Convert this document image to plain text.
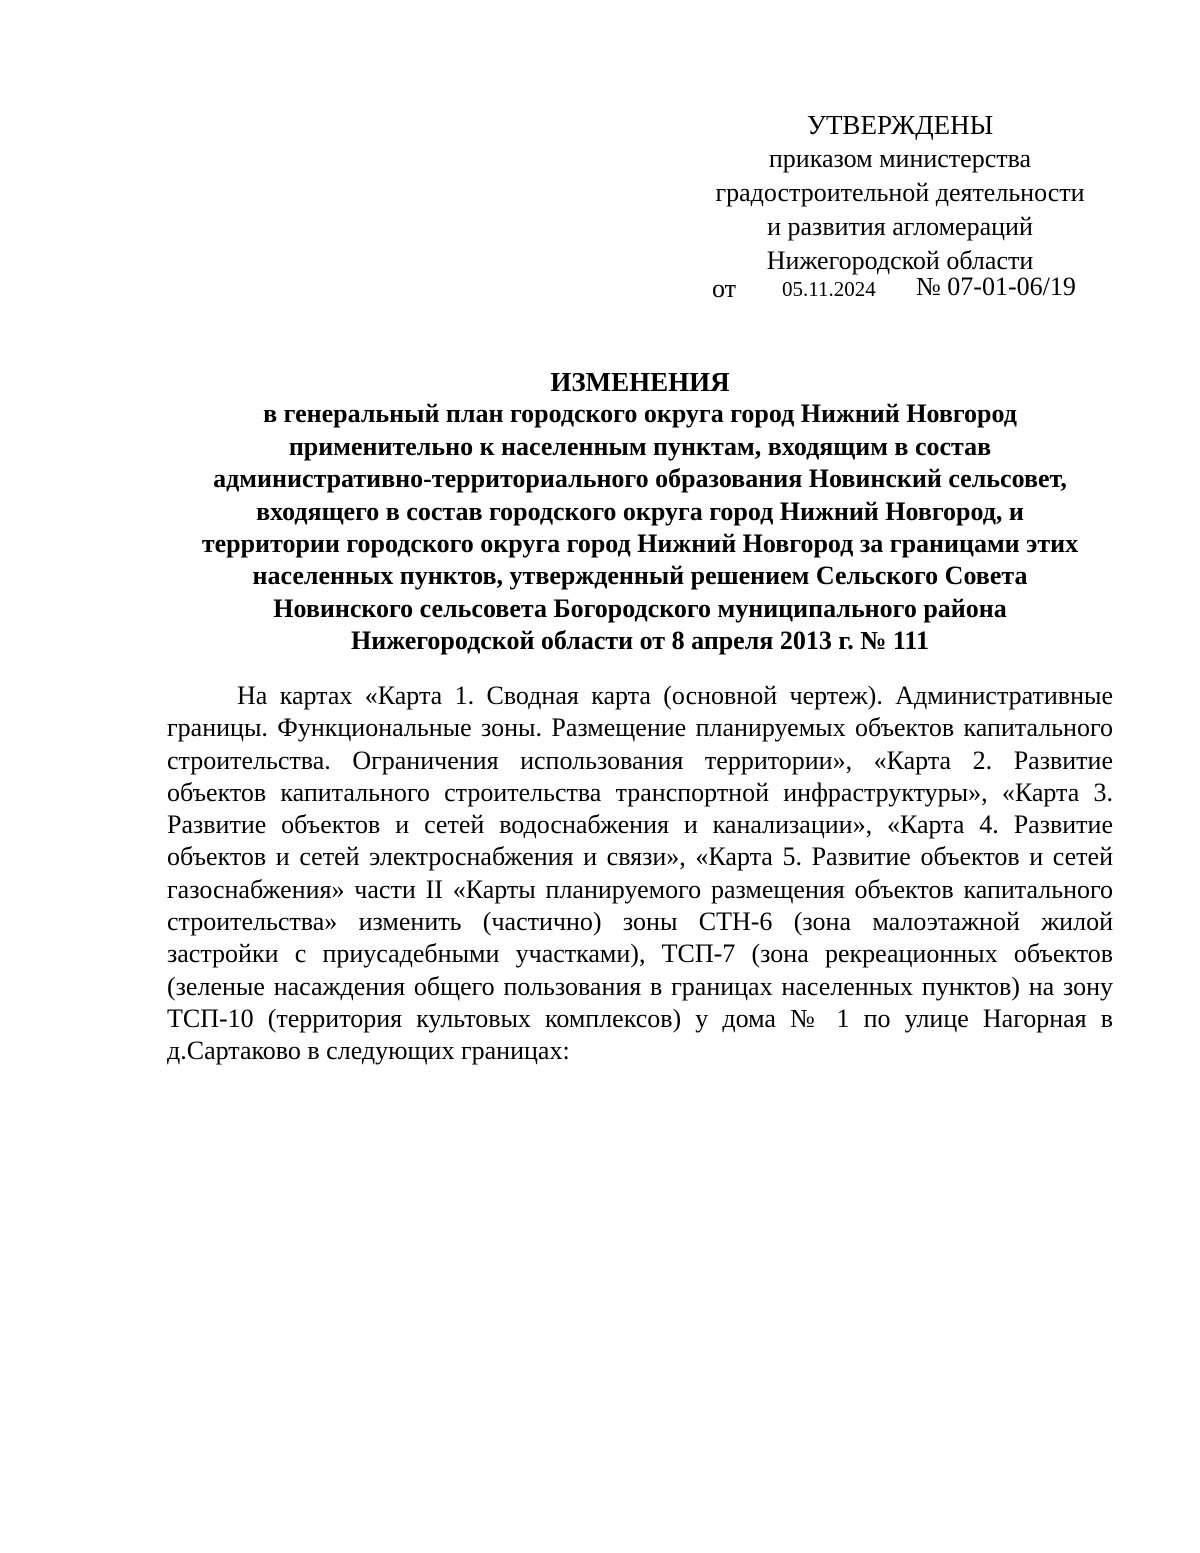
УТВЕРЖДЕНЫ
приказом министерства
градостроительной деятельности
и развития агломераций
Нижегородской области
от 05.11.2024 № 07-01-06/19
ИЗМЕНЕНИЯ
в генеральный план городского округа город Нижний Новгород
применительно к населенным пунктам, входящим в состав
административно-территориального образования Новинский сельсовет,
входящего в состав городского округа город Нижний Новгород, и
территории городского округа город Нижний Новгород за границами этих
населенных пунктов, утвержденный решением Сельского Совета
Новинского сельсовета Богородского муниципального района
Нижегородской области от 8 апреля 2013 г. № 111

На картах «Карта 1. Сводная карта (основной чертеж). Административные границы. Функциональные зоны. Размещение планируемых объектов капитального строительства. Ограничения использования территории», «Карта 2. Развитие объектов капитального строительства транспортной инфраструктуры», «Карта 3. Развитие объектов и сетей водоснабжения и канализации», «Карта 4. Развитие объектов и сетей электроснабжения и связи», «Карта 5. Развитие объектов и сетей газоснабжения» части II «Карты планируемого размещения объектов капитального строительства» изменить (частично) зоны СТН-6 (зона малоэтажной жилой застройки с приусадебными участками), ТСП-7 (зона рекреационных объектов (зеленые насаждения общего пользования в границах населенных пунктов) на зону ТСП-10 (территория культовых комплексов) у дома № 1 по улице Нагорная в д.Сартаково в следующих границах:
